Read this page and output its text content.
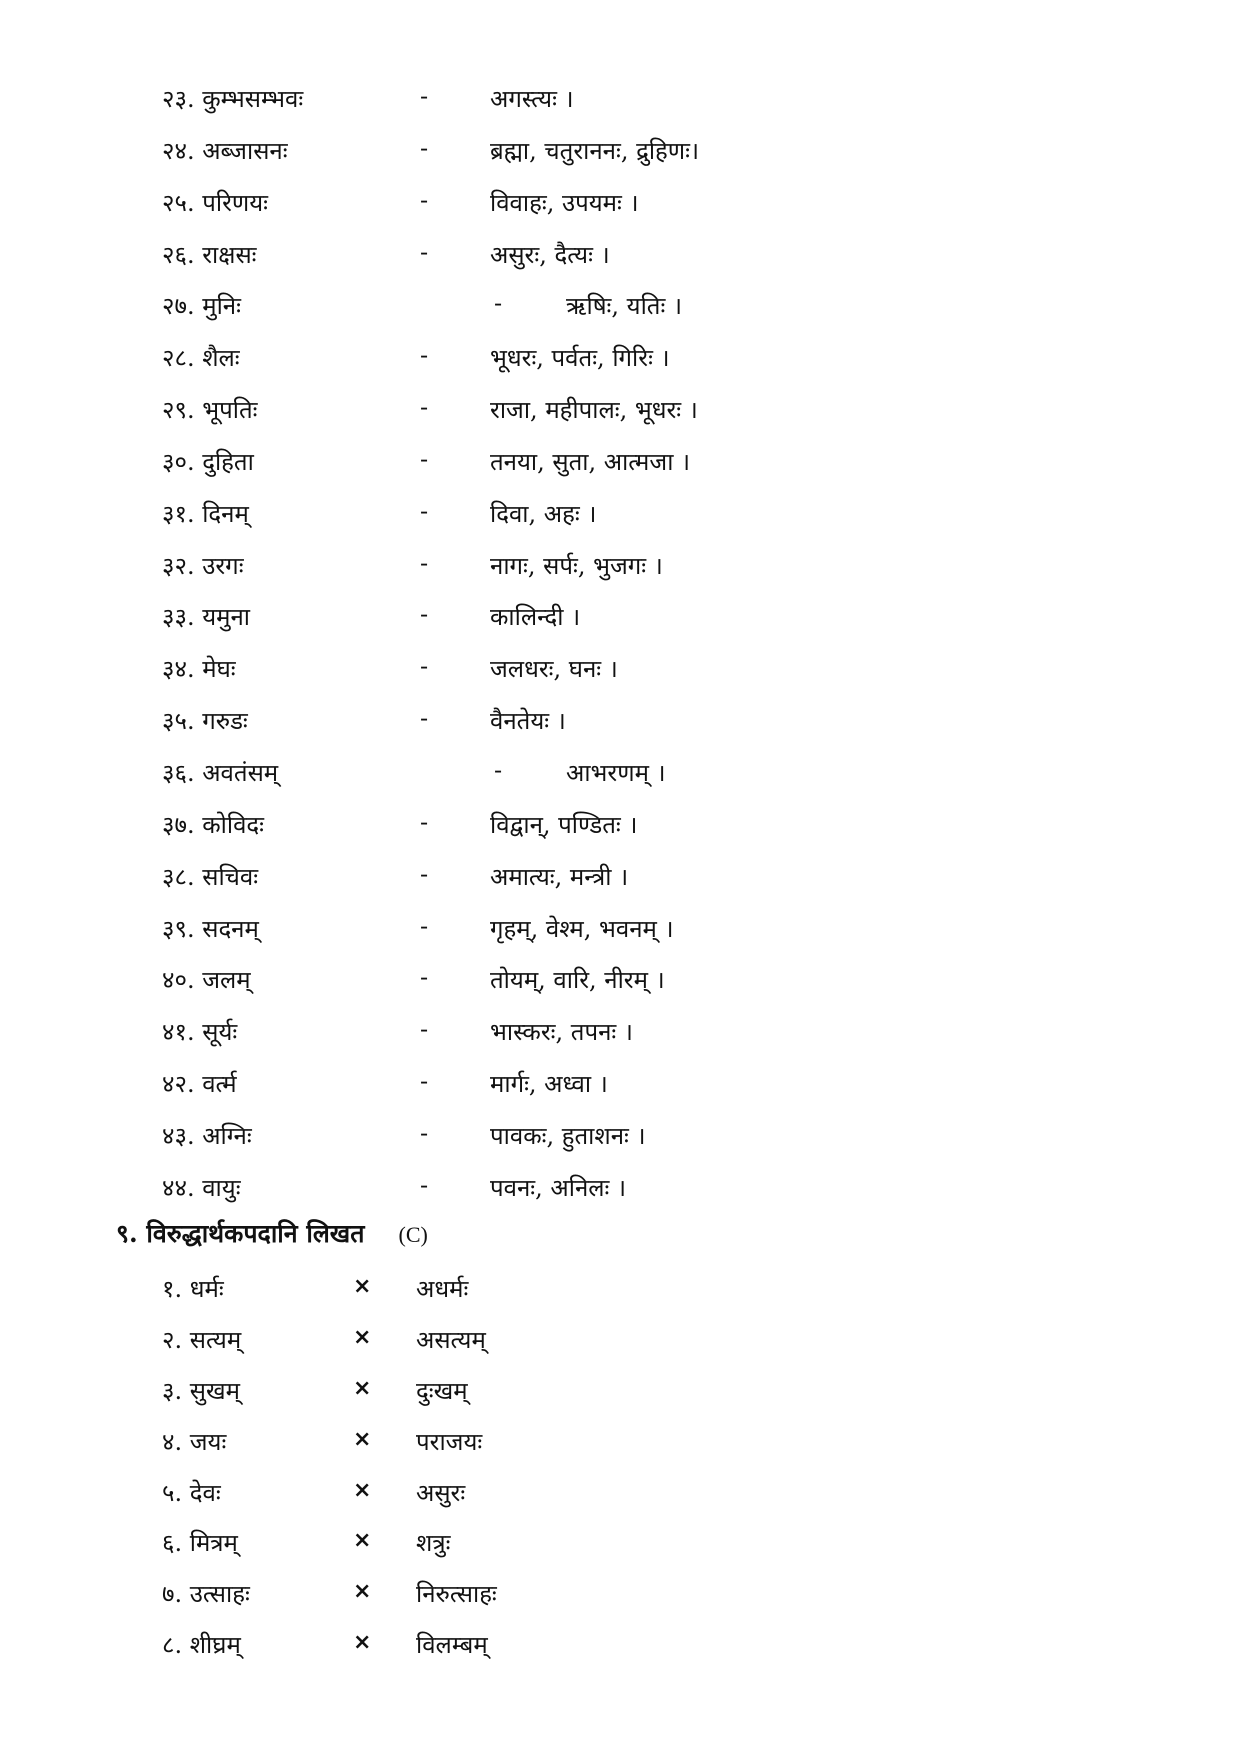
२३. कुम्भसम्भवः	-	अगस्त्यः ।
२४. अब्जासनः	-	ब्रह्मा, चतुराननः, द्रुहिणः।
२५. परिणयः	-	विवाहः, उपयमः ।
२६. राक्षसः	-	असुरः, दैत्यः ।
२७. मुनिः	-	ऋषिः, यतिः ।
२८. शैलः	-	भूधरः, पर्वतः, गिरिः ।
२९. भूपतिः	-	राजा, महीपालः, भूधरः ।
३०. दुहिता	-	तनया, सुता, आत्मजा ।
३१. दिनम्	-	दिवा, अहः ।
३२. उरगः	-	नागः, सर्पः, भुजगः ।
३३. यमुना	-	कालिन्दी ।
३४. मेघः	-	जलधरः, घनः ।
३५. गरुडः	-	वैनतेयः ।
३६. अवतंसम्	-	आभरणम् ।
३७. कोविदः	-	विद्वान्, पण्डितः ।
३८. सचिवः	-	अमात्यः, मन्त्री ।
३९. सदनम्	-	गृहम्, वेश्म, भवनम् ।
४०. जलम्	-	तोयम्, वारि, नीरम् ।
४१. सूर्यः	-	भास्करः, तपनः ।
४२. वर्त्म	-	मार्गः, अध्वा ।
४३. अग्निः	-	पावकः, हुताशनः ।
४४. वायुः	-	पवनः, अनिलः ।
९. विरुद्धार्थकपदानि लिखत (C)
१. धर्मः	× अधर्मः
२. सत्यम्	× असत्यम्
३. सुखम्	× दुःखम्
४. जयः	× पराजयः
५. देवः	× असुरः
६. मित्रम्	× शत्रुः
७. उत्साहः	× निरुत्साहः
८. शीघ्रम्	× विलम्बम्
